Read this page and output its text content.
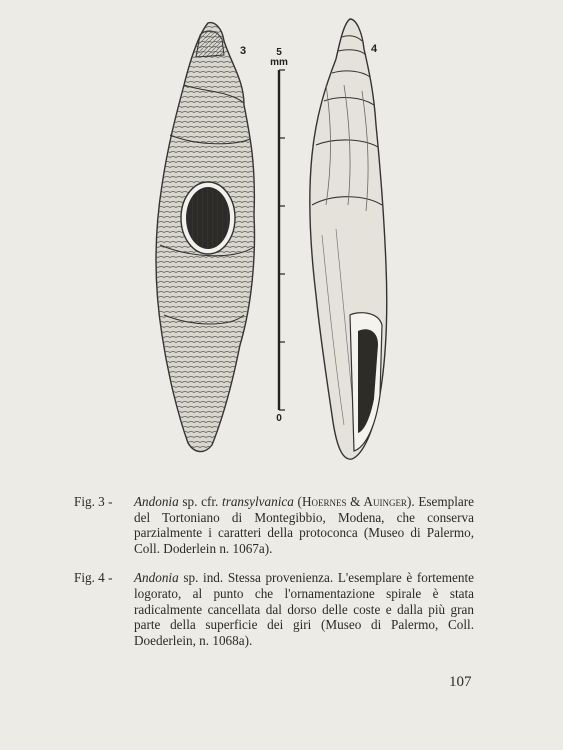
3	4
5
mm
0
Fig. 3 -	Andonia sp. cfr. transylvanica (Hoernes & Auinger). Esemplare del Tortoniano di Montegibbio, Modena, che conserva parzialmente i caratteri della protoconca (Museo di Palermo, Coll. Doderlein n. 1067a).
Fig. 4 -	Andonia sp. ind. Stessa provenienza. L'esemplare è fortemente logorato, al punto che l'ornamentazione spirale è stata radicalmente cancellata dal dorso delle coste e dalla più gran parte della superficie dei giri (Museo di Palermo, Coll. Doederlein, n. 1068a).
107
